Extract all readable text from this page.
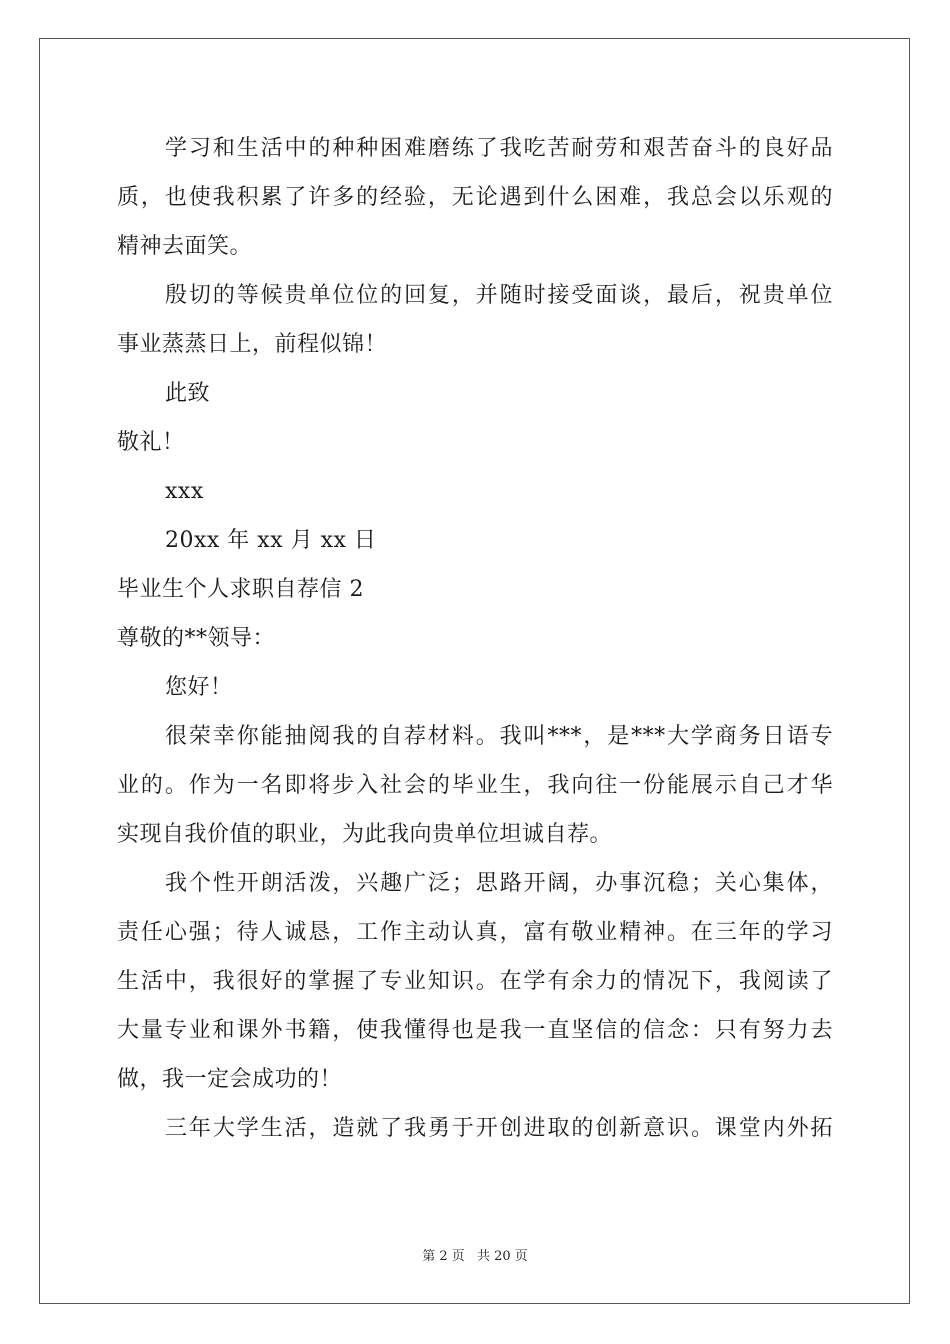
学习和生活中的种种困难磨练了我吃苦耐劳和艰苦奋斗的良好品
质，也使我积累了许多的经验，无论遇到什么困难，我总会以乐观的
精神去面笑。
殷切的等候贵单位位的回复，并随时接受面谈，最后，祝贵单位
事业蒸蒸日上，前程似锦！
此致
敬礼！
xxx
20xx 年 xx 月 xx 日
毕业生个人求职自荐信 2
尊敬的**领导：
您好！
很荣幸你能抽阅我的自荐材料。我叫***，是***大学商务日语专
业的。作为一名即将步入社会的毕业生，我向往一份能展示自己才华
实现自我价值的职业，为此我向贵单位坦诚自荐。
我个性开朗活泼，兴趣广泛；思路开阔，办事沉稳；关心集体，
责任心强；待人诚恳，工作主动认真，富有敬业精神。在三年的学习
生活中，我很好的掌握了专业知识。在学有余力的情况下，我阅读了
大量专业和课外书籍，使我懂得也是我一直坚信的信念：只有努力去
做，我一定会成功的！
三年大学生活，造就了我勇于开创进取的创新意识。课堂内外拓
第 2 页 共 20 页
